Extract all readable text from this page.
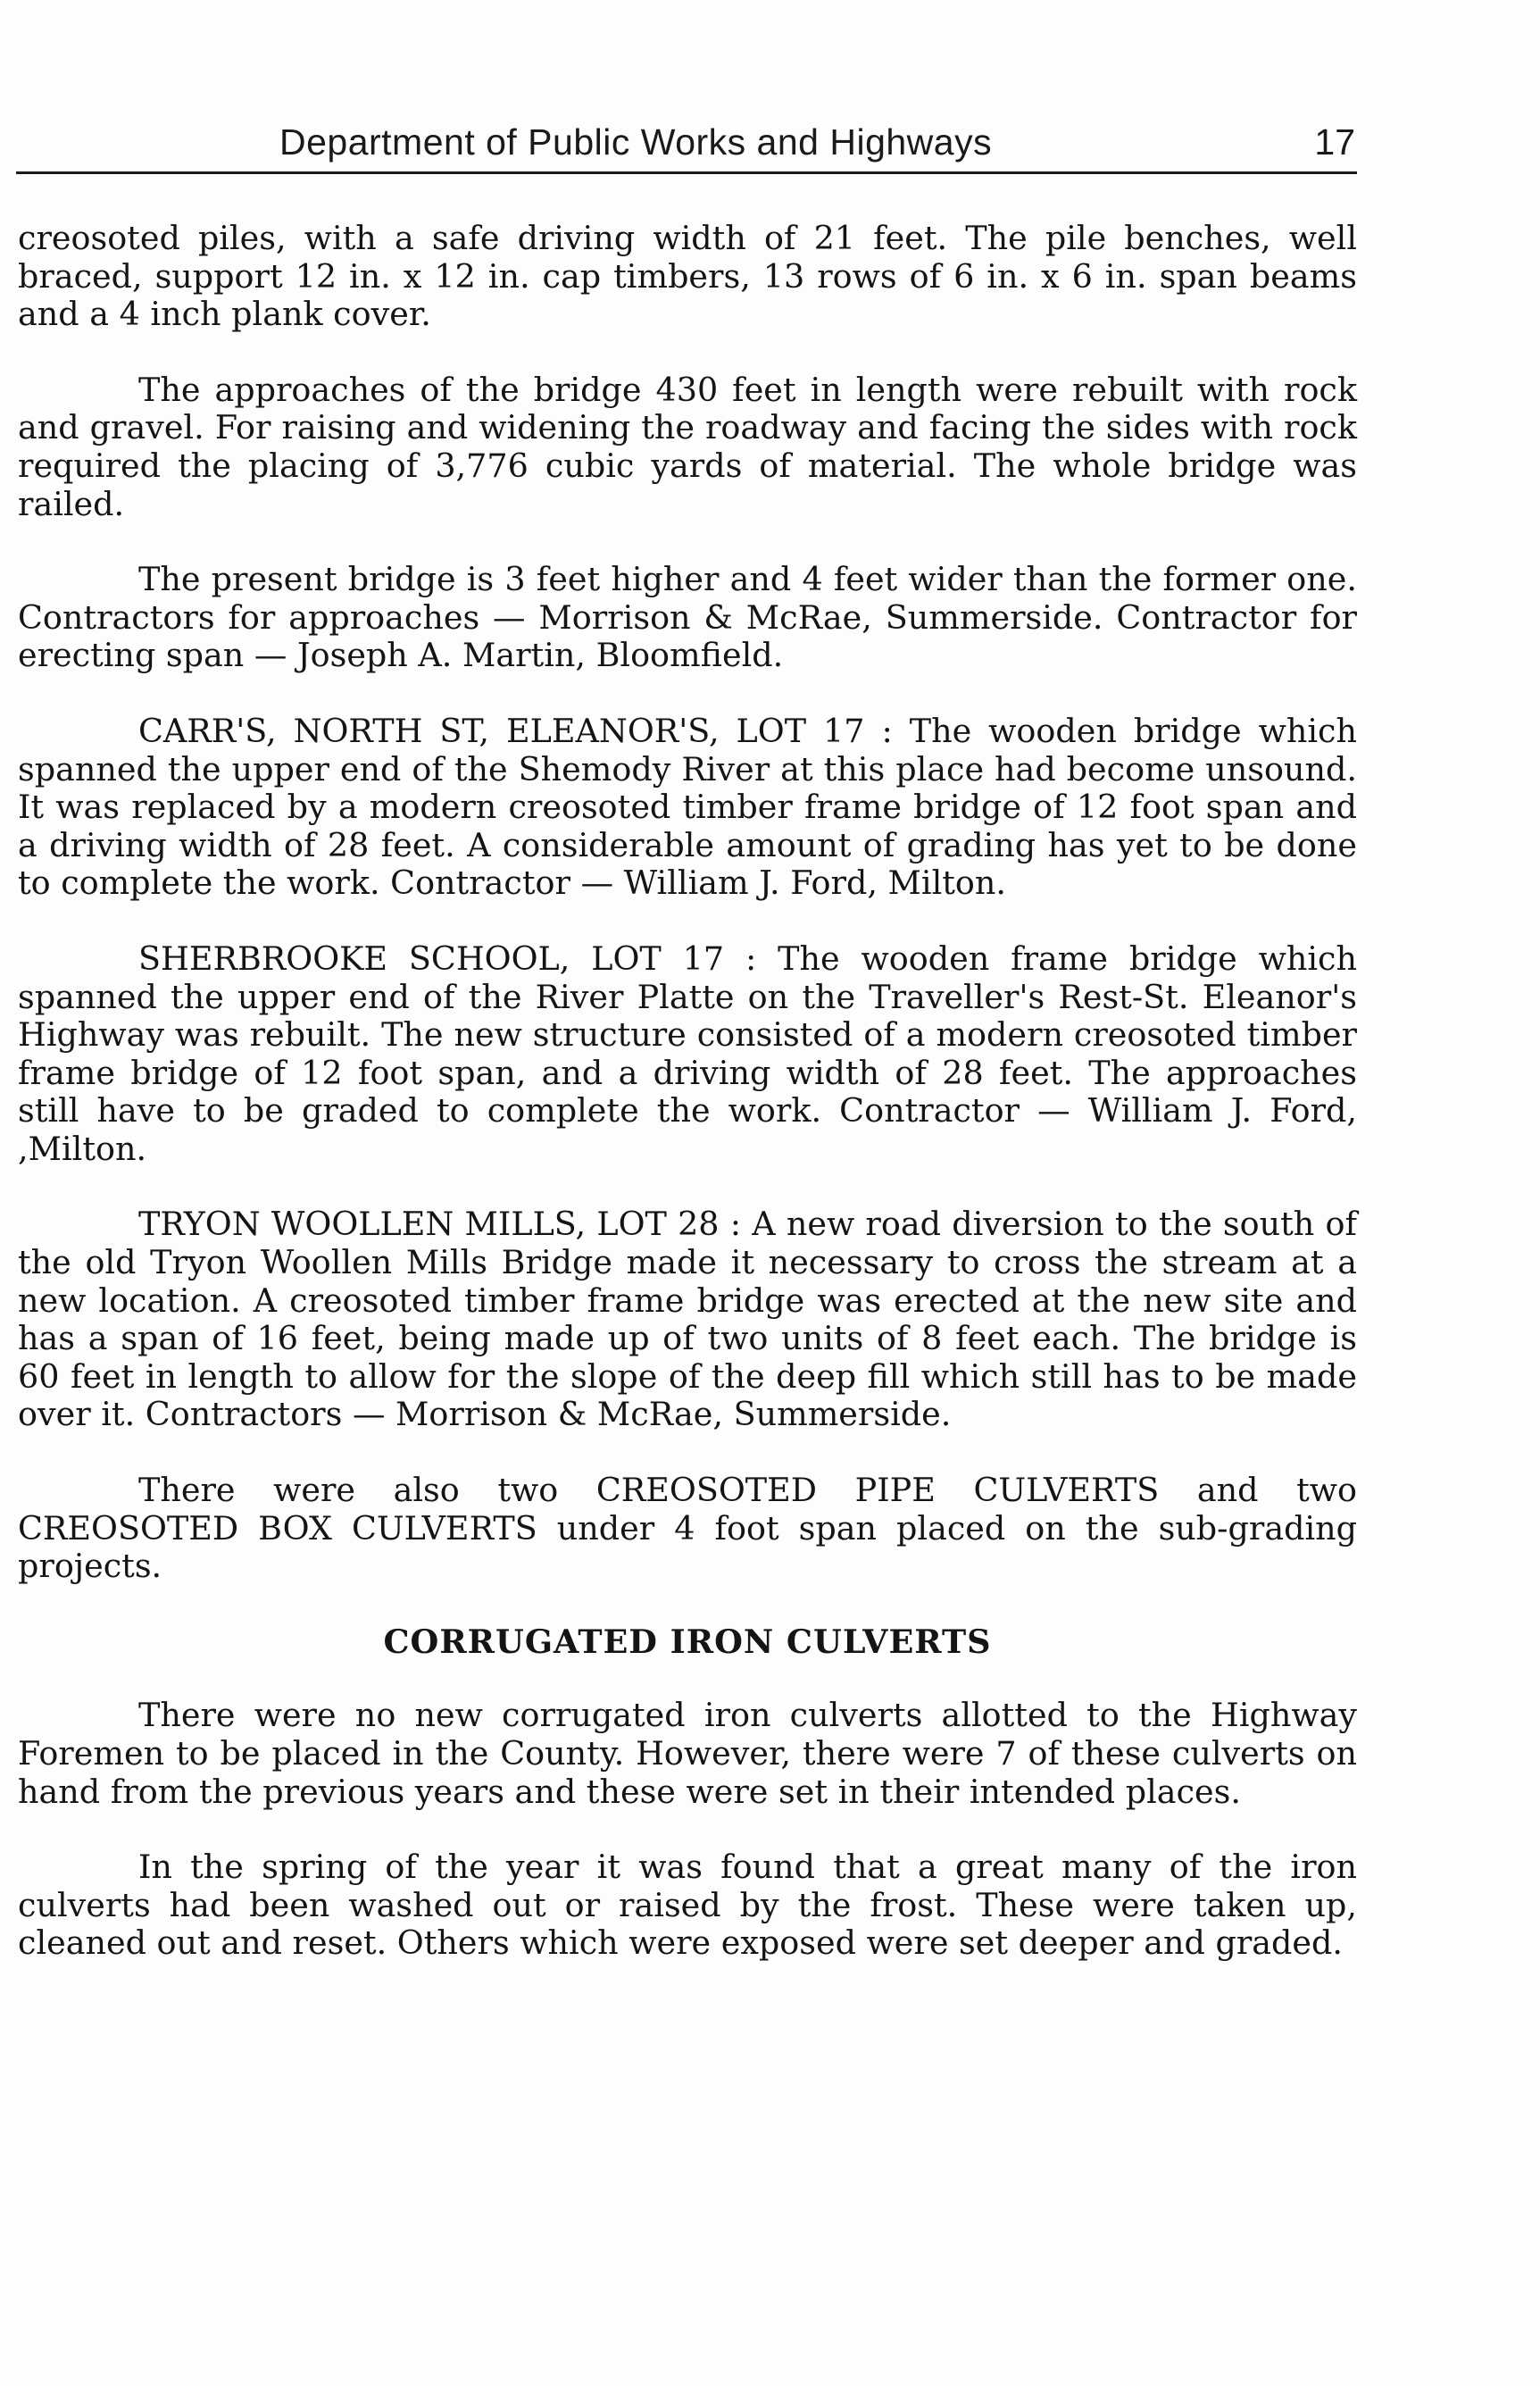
Department of Public Works and Highways	17

creosoted piles, with a safe driving width of 21 feet. The pile benches, well braced, support 12 in. x 12 in. cap timbers, 13 rows of 6 in. x 6 in. span beams and a 4 inch plank cover.

The approaches of the bridge 430 feet in length were rebuilt with rock and gravel. For raising and widening the roadway and facing the sides with rock required the placing of 3,776 cubic yards of material. The whole bridge was railed.

The present bridge is 3 feet higher and 4 feet wider than the former one. Contractors for approaches — Morrison & McRae, Summerside. Contractor for erecting span — Joseph A. Martin, Bloomfield.

CARR'S, NORTH ST, ELEANOR'S, LOT 17 : The wooden bridge which spanned the upper end of the Shemody River at this place had become unsound. It was replaced by a modern creosoted timber frame bridge of 12 foot span and a driving width of 28 feet. A considerable amount of grading has yet to be done to complete the work. Contractor — William J. Ford, Milton.

SHERBROOKE SCHOOL, LOT 17 : The wooden frame bridge which spanned the upper end of the River Platte on the Traveller's Rest-St. Eleanor's Highway was rebuilt. The new structure consisted of a modern creosoted timber frame bridge of 12 foot span, and a driving width of 28 feet. The approaches still have to be graded to complete the work. Contractor — William J. Ford, ,Milton.

TRYON WOOLLEN MILLS, LOT 28 : A new road diversion to the south of the old Tryon Woollen Mills Bridge made it necessary to cross the stream at a new location. A creosoted timber frame bridge was erected at the new site and has a span of 16 feet, being made up of two units of 8 feet each. The bridge is 60 feet in length to allow for the slope of the deep fill which still has to be made over it. Contractors — Morrison & McRae, Summerside.

There were also two CREOSOTED PIPE CULVERTS and two CREOSOTED BOX CULVERTS under 4 foot span placed on the sub-grading projects.

CORRUGATED IRON CULVERTS

There were no new corrugated iron culverts allotted to the Highway Foremen to be placed in the County. However, there were 7 of these culverts on hand from the previous years and these were set in their intended places.

In the spring of the year it was found that a great many of the iron culverts had been washed out or raised by the frost. These were taken up, cleaned out and reset. Others which were exposed were set deeper and graded.
